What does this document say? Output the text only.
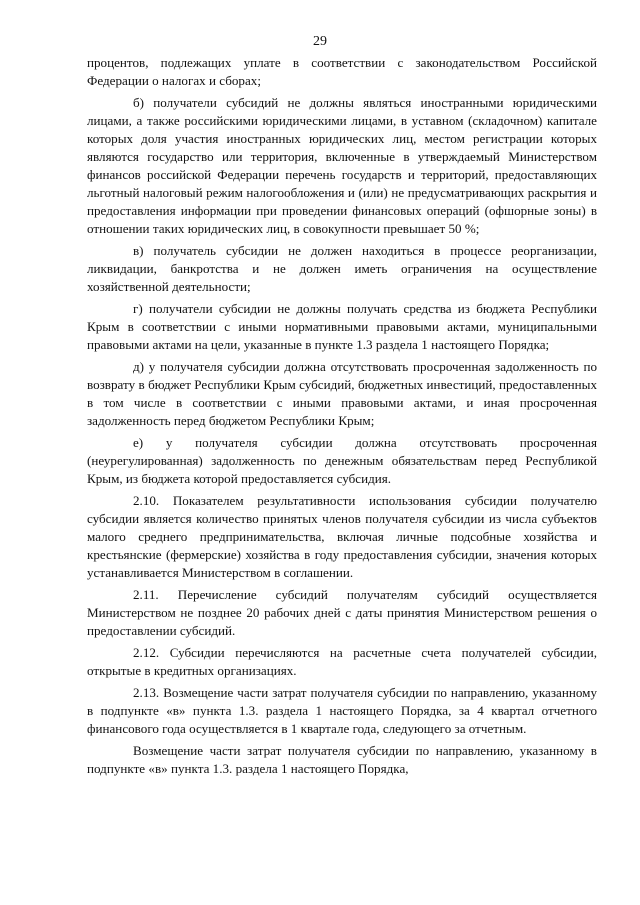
29

процентов, подлежащих уплате в соответствии с законодательством Российской Федерации о налогах и сборах;

б) получатели субсидий не должны являться иностранными юридическими лицами, а также российскими юридическими лицами, в уставном (складочном) капитале которых доля участия иностранных юридических лиц, местом регистрации которых являются государство или территория, включенные в утверждаемый Министерством финансов российской Федерации перечень государств и территорий, предоставляющих льготный налоговый режим налогообложения и (или) не предусматривающих раскрытия и предоставления информации при проведении финансовых операций (офшорные зоны) в отношении таких юридических лиц, в совокупности превышает 50 %;

в) получатель субсидии не должен находиться в процессе реорганизации, ликвидации, банкротства и не должен иметь ограничения на осуществление хозяйственной деятельности;

г) получатели субсидии не должны получать средства из бюджета Республики Крым в соответствии с иными нормативными правовыми актами, муниципальными правовыми актами на цели, указанные в пункте 1.3 раздела 1 настоящего Порядка;

д) у получателя субсидии должна отсутствовать просроченная задолженность по возврату в бюджет Республики Крым субсидий, бюджетных инвестиций, предоставленных в том числе в соответствии с иными правовыми актами, и иная просроченная задолженность перед бюджетом Республики Крым;

е) у получателя субсидии должна отсутствовать просроченная (неурегулированная) задолженность по денежным обязательствам перед Республикой Крым, из бюджета которой предоставляется субсидия.

2.10. Показателем результативности использования субсидии получателю субсидии является количество принятых членов получателя субсидии из числа субъектов малого среднего предпринимательства, включая личные подсобные хозяйства и крестьянские (фермерские) хозяйства в году предоставления субсидии, значения которых устанавливается Министерством в соглашении.

2.11. Перечисление субсидий получателям субсидий осуществляется Министерством не позднее 20 рабочих дней с даты принятия Министерством решения о предоставлении субсидий.

2.12. Субсидии перечисляются на расчетные счета получателей субсидии, открытые в кредитных организациях.

2.13. Возмещение части затрат получателя субсидии по направлению, указанному в подпункте «в» пункта 1.3. раздела 1 настоящего Порядка, за 4 квартал отчетного финансового года осуществляется в 1 квартале года, следующего за отчетным.

Возмещение части затрат получателя субсидии по направлению, указанному в подпункте «в» пункта 1.3. раздела 1 настоящего Порядка,
